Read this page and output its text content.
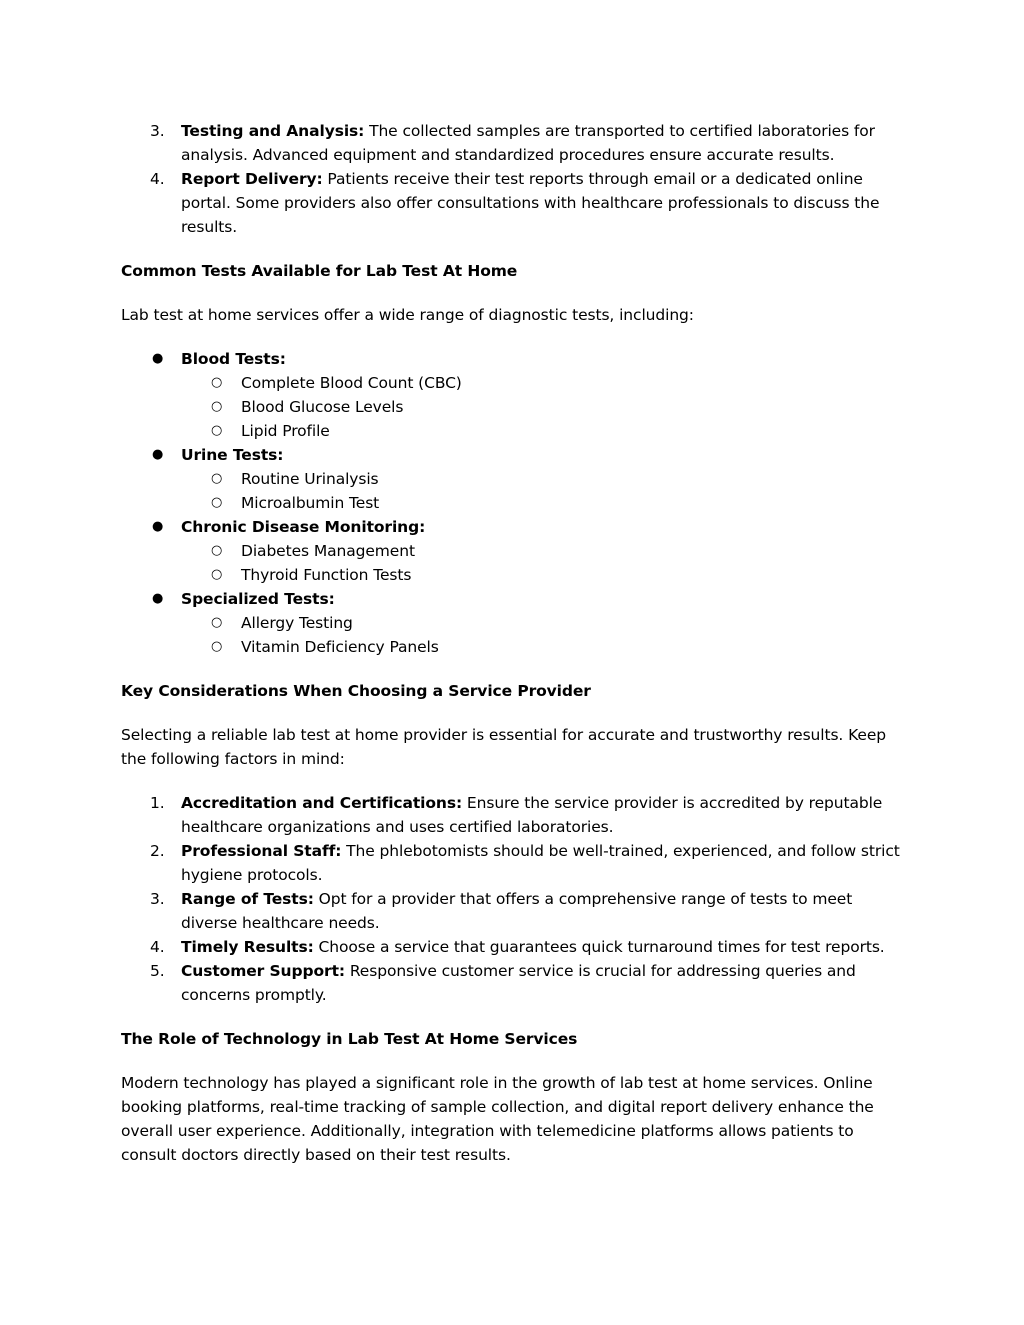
3. Testing and Analysis: The collected samples are transported to certified laboratories for analysis. Advanced equipment and standardized procedures ensure accurate results.
4. Report Delivery: Patients receive their test reports through email or a dedicated online portal. Some providers also offer consultations with healthcare professionals to discuss the results.
Common Tests Available for Lab Test At Home
Lab test at home services offer a wide range of diagnostic tests, including:
● Blood Tests:
○ Complete Blood Count (CBC)
○ Blood Glucose Levels
○ Lipid Profile
● Urine Tests:
○ Routine Urinalysis
○ Microalbumin Test
● Chronic Disease Monitoring:
○ Diabetes Management
○ Thyroid Function Tests
● Specialized Tests:
○ Allergy Testing
○ Vitamin Deficiency Panels
Key Considerations When Choosing a Service Provider
Selecting a reliable lab test at home provider is essential for accurate and trustworthy results. Keep the following factors in mind:
1. Accreditation and Certifications: Ensure the service provider is accredited by reputable healthcare organizations and uses certified laboratories.
2. Professional Staff: The phlebotomists should be well-trained, experienced, and follow strict hygiene protocols.
3. Range of Tests: Opt for a provider that offers a comprehensive range of tests to meet diverse healthcare needs.
4. Timely Results: Choose a service that guarantees quick turnaround times for test reports.
5. Customer Support: Responsive customer service is crucial for addressing queries and concerns promptly.
The Role of Technology in Lab Test At Home Services
Modern technology has played a significant role in the growth of lab test at home services. Online booking platforms, real-time tracking of sample collection, and digital report delivery enhance the overall user experience. Additionally, integration with telemedicine platforms allows patients to consult doctors directly based on their test results.
